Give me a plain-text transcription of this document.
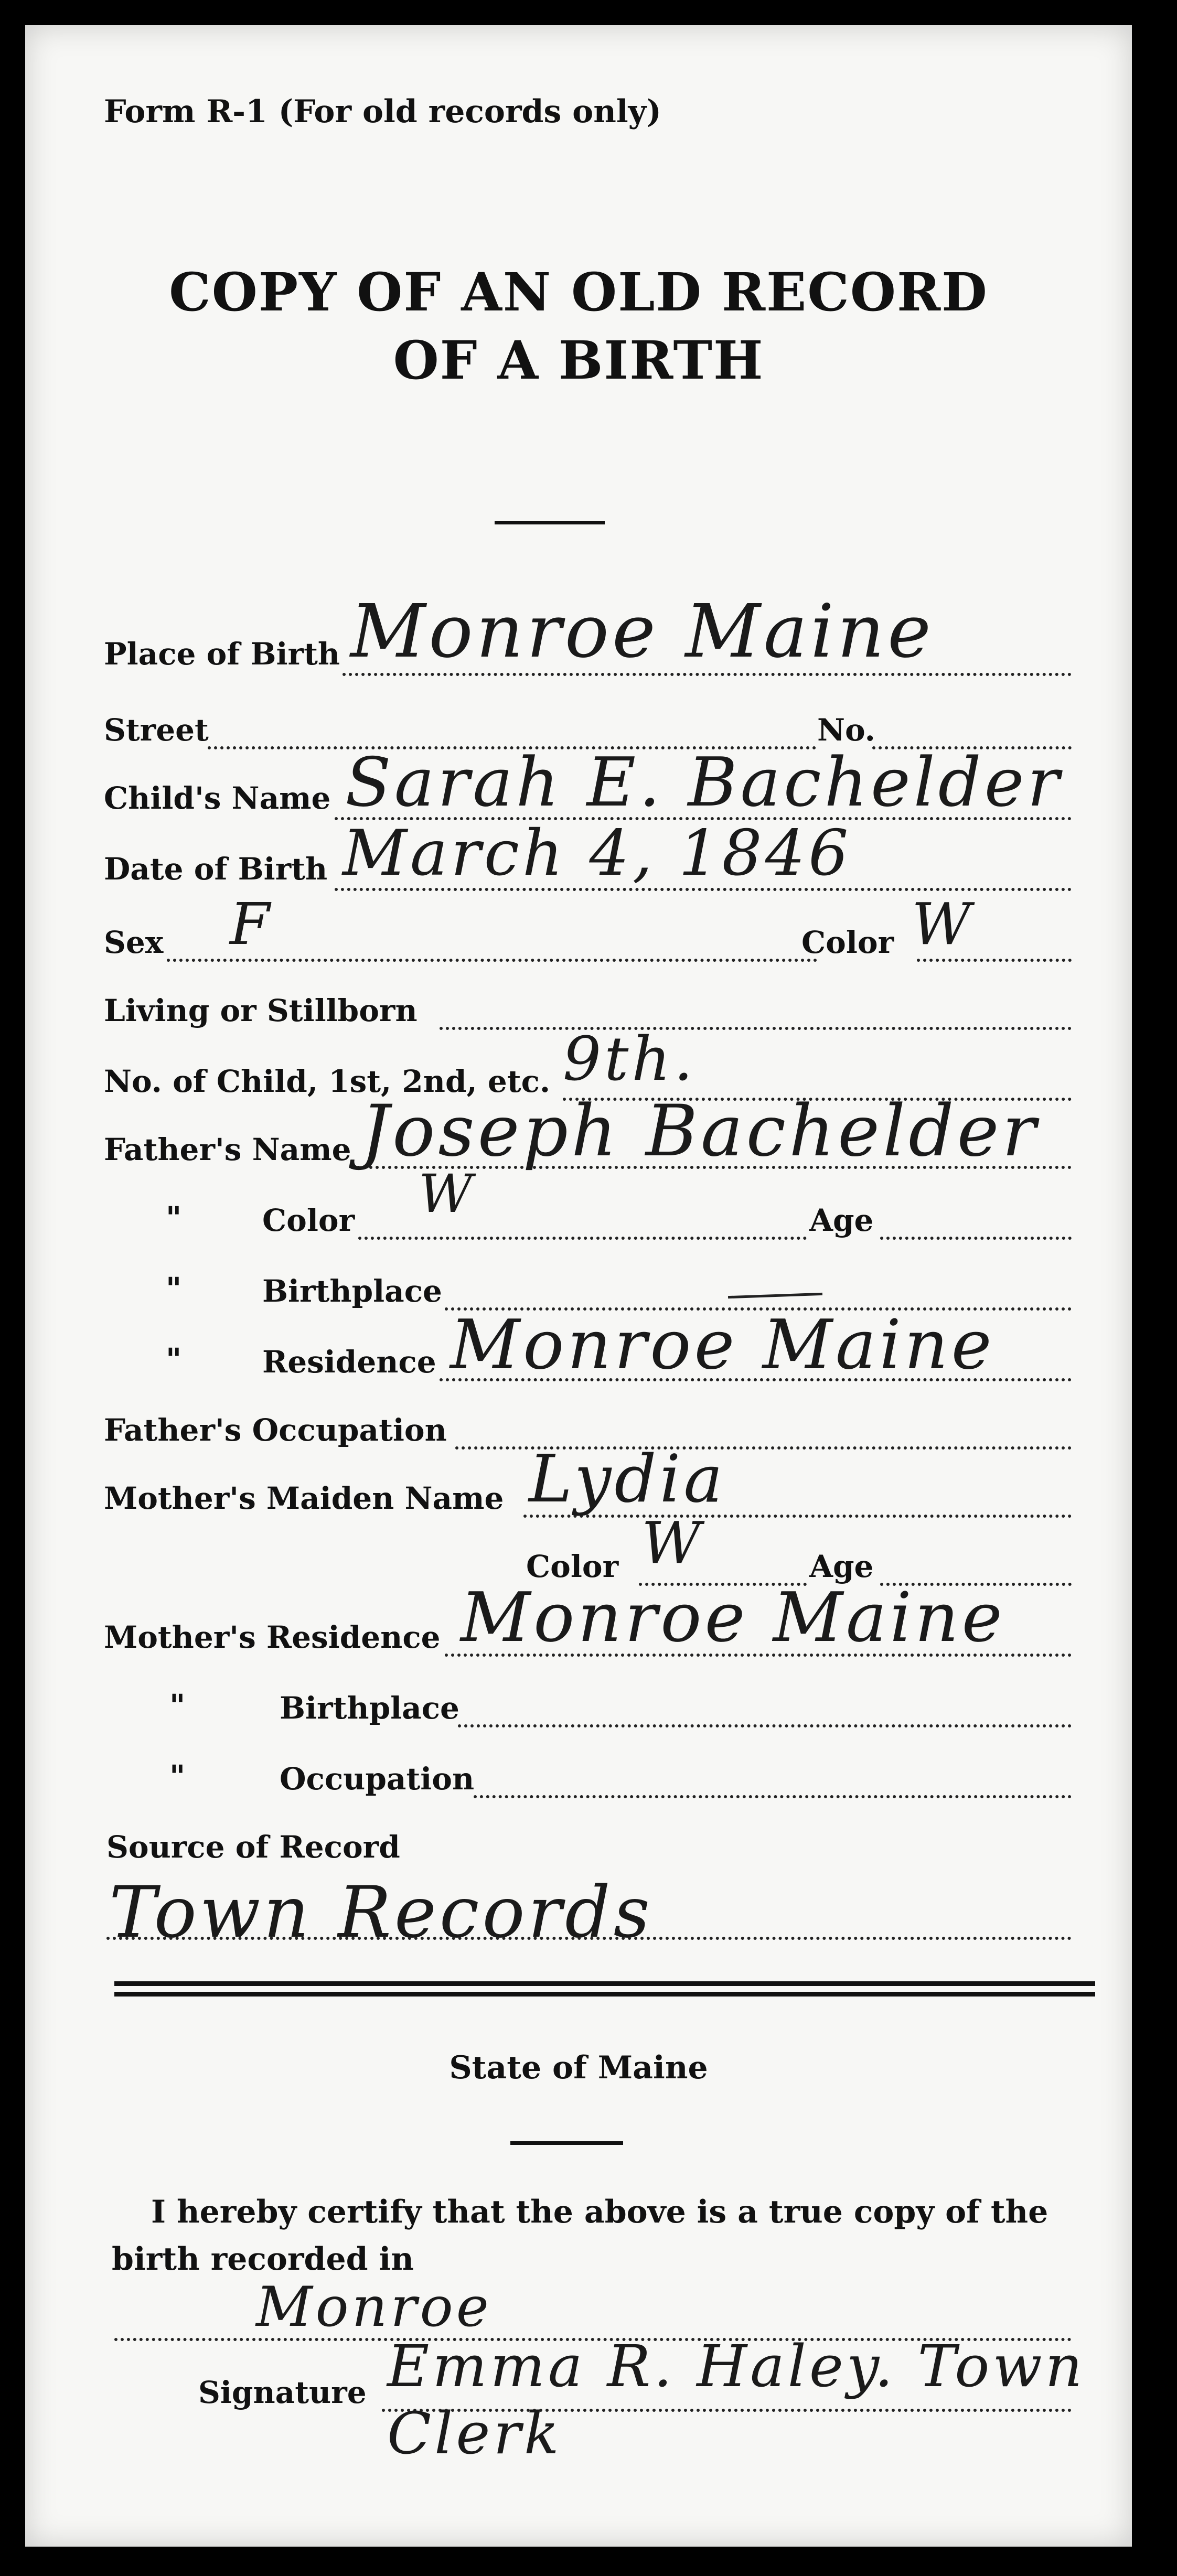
Form R-1 (For old records only)
COPY OF AN OLD RECORD
OF A BIRTH
Place of Birth Monroe Maine
Street	No.
Child's Name Sarah E. Bachelder
Date of Birth March 4, 1846
Sex F	Color W
Living or Stillborn
No. of Child, 1st, 2nd, etc. 9th.
Father's Name Joseph Bachelder
"	Color W	Age
"	Birthplace
"	Residence Monroe Maine
Father's Occupation
Mother's Maiden Name Lydia
Color W	Age
Mother's Residence Monroe Maine
"	Birthplace
"	Occupation
Source of Record
Town Records
State of Maine
I hereby certify that the above is a true copy of the
birth recorded in
Monroe
Signature Emma R. Haley. Town Clerk
